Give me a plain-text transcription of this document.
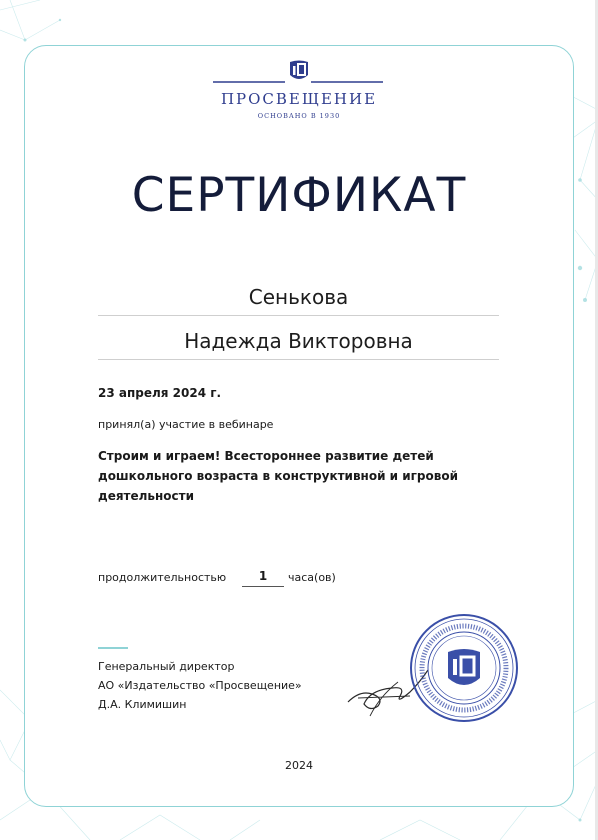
ПРОСВЕЩЕНИЕ
ОСНОВАНО В 1930
СЕРТИФИКАТ
Сенькова
Надежда Викторовна
23 апреля 2024 г.
принял(а) участие в вебинаре
Строим и играем! Всестороннее развитие детей дошкольного возраста в конструктивной и игровой деятельности
продолжительностью	1	часа(ов)
Генеральный директор
АО «Издательство «Просвещение»
Д.А. Климишин
2024
